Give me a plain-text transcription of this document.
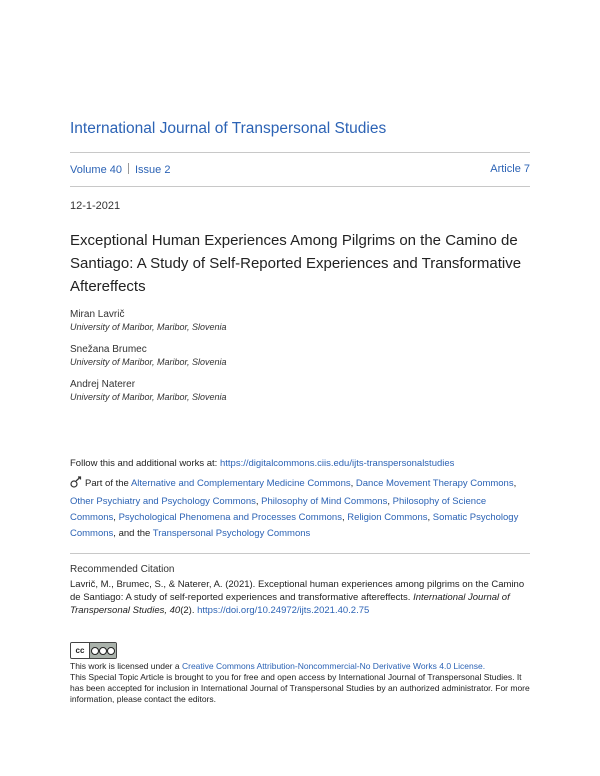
International Journal of Transpersonal Studies
Volume 40 Issue 2	Article 7
12-1-2021
Exceptional Human Experiences Among Pilgrims on the Camino de Santiago: A Study of Self-Reported Experiences and Transformative Aftereffects
Miran Lavrič
University of Maribor, Maribor, Slovenia
Snežana Brumec
University of Maribor, Maribor, Slovenia
Andrej Naterer
University of Maribor, Maribor, Slovenia
Follow this and additional works at: https://digitalcommons.ciis.edu/ijts-transpersonalstudies
Part of the Alternative and Complementary Medicine Commons, Dance Movement Therapy Commons, Other Psychiatry and Psychology Commons, Philosophy of Mind Commons, Philosophy of Science Commons, Psychological Phenomena and Processes Commons, Religion Commons, Somatic Psychology Commons, and the Transpersonal Psychology Commons
Recommended Citation
Lavrič, M., Brumec, S., & Naterer, A. (2021). Exceptional human experiences among pilgrims on the Camino de Santiago: A study of self-reported experiences and transformative aftereffects. International Journal of Transpersonal Studies, 40(2). https://doi.org/10.24972/ijts.2021.40.2.75
cc
This work is licensed under a Creative Commons Attribution-Noncommercial-No Derivative Works 4.0 License.
This Special Topic Article is brought to you for free and open access by International Journal of Transpersonal Studies. It has been accepted for inclusion in International Journal of Transpersonal Studies by an authorized administrator. For more information, please contact the editors.
